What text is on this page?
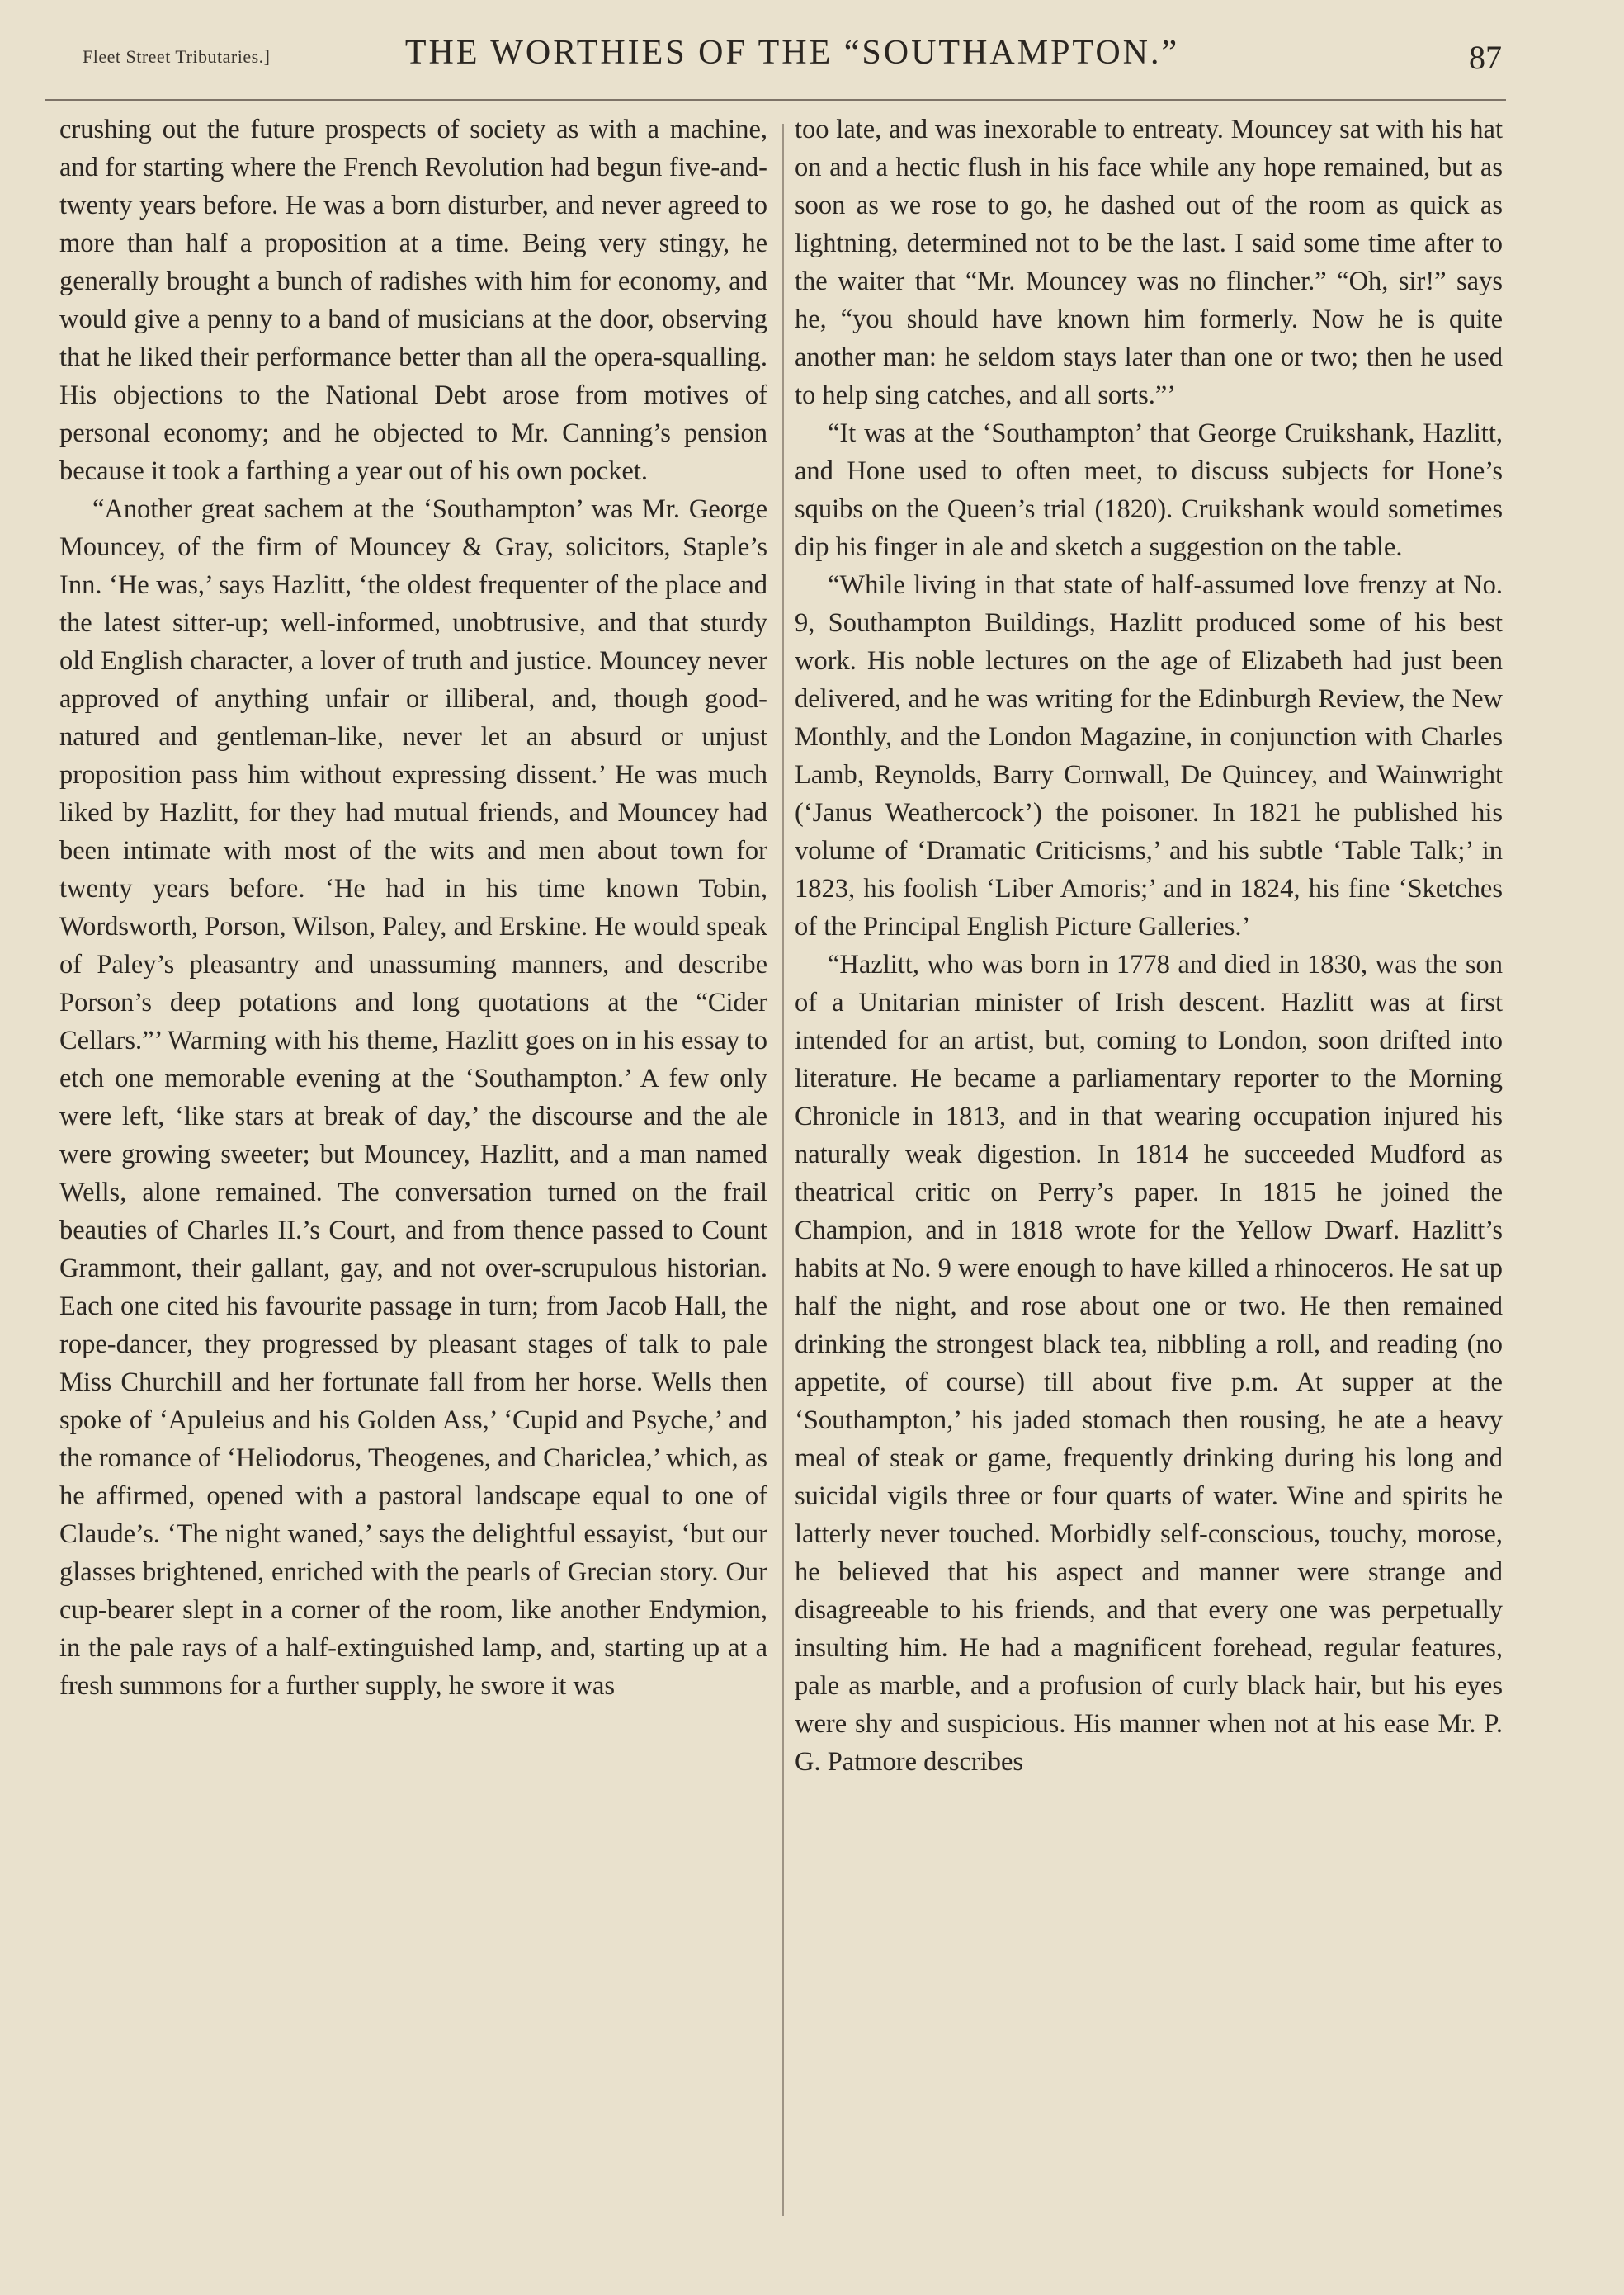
Fleet Street Tributaries.]	THE WORTHIES OF THE “SOUTHAMPTON.”	87

crushing out the future prospects of society as with a machine, and for starting where the French Revolution had begun five-and-twenty years before. He was a born disturber, and never agreed to more than half a proposition at a time. Being very stingy, he generally brought a bunch of radishes with him for economy, and would give a penny to a band of musicians at the door, observing that he liked their performance better than all the opera-squalling. His objections to the National Debt arose from motives of personal economy; and he objected to Mr. Canning’s pension because it took a farthing a year out of his own pocket.

“Another great sachem at the ‘Southampton’ was Mr. George Mouncey, of the firm of Mouncey & Gray, solicitors, Staple’s Inn. ‘He was,’ says Hazlitt, ‘the oldest frequenter of the place and the latest sitter-up; well-informed, unobtrusive, and that sturdy old English character, a lover of truth and justice. Mouncey never approved of anything unfair or illiberal, and, though good-natured and gentleman-like, never let an absurd or unjust proposition pass him without expressing dissent.’ He was much liked by Hazlitt, for they had mutual friends, and Mouncey had been intimate with most of the wits and men about town for twenty years before. ‘He had in his time known Tobin, Wordsworth, Porson, Wilson, Paley, and Erskine. He would speak of Paley’s pleasantry and unassuming manners, and describe Porson’s deep potations and long quotations at the “Cider Cellars.”’ Warming with his theme, Hazlitt goes on in his essay to etch one memorable evening at the ‘Southampton.’ A few only were left, ‘like stars at break of day,’ the discourse and the ale were growing sweeter; but Mouncey, Hazlitt, and a man named Wells, alone remained. The conversation turned on the frail beauties of Charles II.’s Court, and from thence passed to Count Grammont, their gallant, gay, and not over-scrupulous historian. Each one cited his favourite passage in turn; from Jacob Hall, the rope-dancer, they progressed by pleasant stages of talk to pale Miss Churchill and her fortunate fall from her horse. Wells then spoke of ‘Apuleius and his Golden Ass,’ ‘Cupid and Psyche,’ and the romance of ‘Heliodorus, Theogenes, and Chariclea,’ which, as he affirmed, opened with a pastoral landscape equal to one of Claude’s. ‘The night waned,’ says the delightful essayist, ‘but our glasses brightened, enriched with the pearls of Grecian story. Our cup-bearer slept in a corner of the room, like another Endymion, in the pale rays of a half-extinguished lamp, and, starting up at a fresh summons for a further supply, he swore it was

too late, and was inexorable to entreaty. Mouncey sat with his hat on and a hectic flush in his face while any hope remained, but as soon as we rose to go, he dashed out of the room as quick as lightning, determined not to be the last. I said some time after to the waiter that “Mr. Mouncey was no flincher.” “Oh, sir!” says he, “you should have known him formerly. Now he is quite another man: he seldom stays later than one or two; then he used to help sing catches, and all sorts.”’

“It was at the ‘Southampton’ that George Cruikshank, Hazlitt, and Hone used to often meet, to discuss subjects for Hone’s squibs on the Queen’s trial (1820). Cruikshank would sometimes dip his finger in ale and sketch a suggestion on the table.

“While living in that state of half-assumed love frenzy at No. 9, Southampton Buildings, Hazlitt produced some of his best work. His noble lectures on the age of Elizabeth had just been delivered, and he was writing for the Edinburgh Review, the New Monthly, and the London Magazine, in conjunction with Charles Lamb, Reynolds, Barry Cornwall, De Quincey, and Wainwright (‘Janus Weathercock’) the poisoner. In 1821 he published his volume of ‘Dramatic Criticisms,’ and his subtle ‘Table Talk;’ in 1823, his foolish ‘Liber Amoris;’ and in 1824, his fine ‘Sketches of the Principal English Picture Galleries.’

“Hazlitt, who was born in 1778 and died in 1830, was the son of a Unitarian minister of Irish descent. Hazlitt was at first intended for an artist, but, coming to London, soon drifted into literature. He became a parliamentary reporter to the Morning Chronicle in 1813, and in that wearing occupation injured his naturally weak digestion. In 1814 he succeeded Mudford as theatrical critic on Perry’s paper. In 1815 he joined the Champion, and in 1818 wrote for the Yellow Dwarf. Hazlitt’s habits at No. 9 were enough to have killed a rhinoceros. He sat up half the night, and rose about one or two. He then remained drinking the strongest black tea, nibbling a roll, and reading (no appetite, of course) till about five p.m. At supper at the ‘Southampton,’ his jaded stomach then rousing, he ate a heavy meal of steak or game, frequently drinking during his long and suicidal vigils three or four quarts of water. Wine and spirits he latterly never touched. Morbidly self-conscious, touchy, morose, he believed that his aspect and manner were strange and disagreeable to his friends, and that every one was perpetually insulting him. He had a magnificent forehead, regular features, pale as marble, and a profusion of curly black hair, but his eyes were shy and suspicious. His manner when not at his ease Mr. P. G. Patmore describes
